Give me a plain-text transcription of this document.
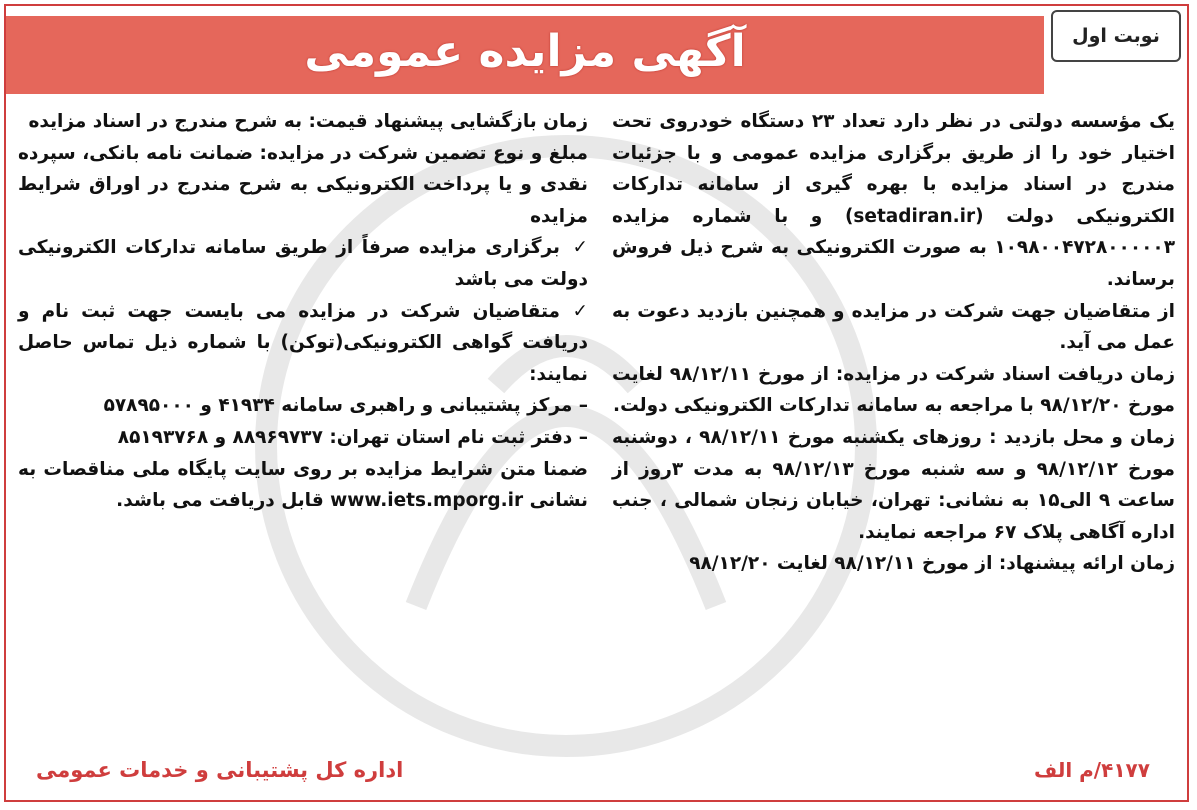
آگهی مزایده عمومی	نوبت اول

یک مؤسسه دولتی در نظر دارد تعداد ۲۳ دستگاه خودروی تحت اختیار خود را از طریق برگزاری مزایده عمومی و با جزئیات مندرج در اسناد مزایده با بهره گیری از سامانه تدارکات الکترونیکی دولت (setadiran.ir) و با شماره مزایده ۱۰۹۸۰۰۴۷۲۸۰۰۰۰۰۳ به صورت الکترونیکی به شرح ذیل فروش برساند.

از متقاضیان جهت شرکت در مزایده و همچنین بازدید دعوت به عمل می آید.

زمان دریافت اسناد شرکت در مزایده: از مورخ ۹۸/۱۲/۱۱ لغایت مورخ ۹۸/۱۲/۲۰ با مراجعه به سامانه تدارکات الکترونیکی دولت.

زمان و محل بازدید : روزهای یکشنبه مورخ ۹۸/۱۲/۱۱ ، دوشنبه مورخ ۹۸/۱۲/۱۲ و سه شنبه مورخ ۹۸/۱۲/۱۳ به مدت ۳روز از ساعت ۹ الی۱۵ به نشانی: تهران، خیابان زنجان شمالی ، جنب اداره آگاهی پلاک ۶۷ مراجعه نمایند.

زمان ارائه پیشنهاد: از مورخ ۹۸/۱۲/۱۱ لغایت ۹۸/۱۲/۲۰

زمان بازگشایی پیشنهاد قیمت: به شرح مندرج در اسناد مزایده

مبلغ و نوع تضمین شرکت در مزایده: ضمانت نامه بانکی، سپرده نقدی و یا پرداخت الکترونیکی به شرح مندرج در اوراق شرایط مزایده

✓برگزاری مزایده صرفاً از طریق سامانه تدارکات الکترونیکی دولت می باشد

✓متقاضیان شرکت در مزایده می بایست جهت ثبت نام و دریافت گواهی الکترونیکی(توکن) با شماره ذیل تماس حاصل نمایند:

– مرکز پشتیبانی و راهبری سامانه ۴۱۹۳۴ و ۵۷۸۹۵۰۰۰

– دفتر ثبت نام استان تهران: ۸۸۹۶۹۷۳۷ و ۸۵۱۹۳۷۶۸

ضمنا متن شرایط مزایده بر روی سایت پایگاه ملی مناقصات به نشانی www.iets.mporg.ir قابل دریافت می باشد.

۴۱۷۷/م الف
اداره کل پشتیبانی و خدمات عمومی
